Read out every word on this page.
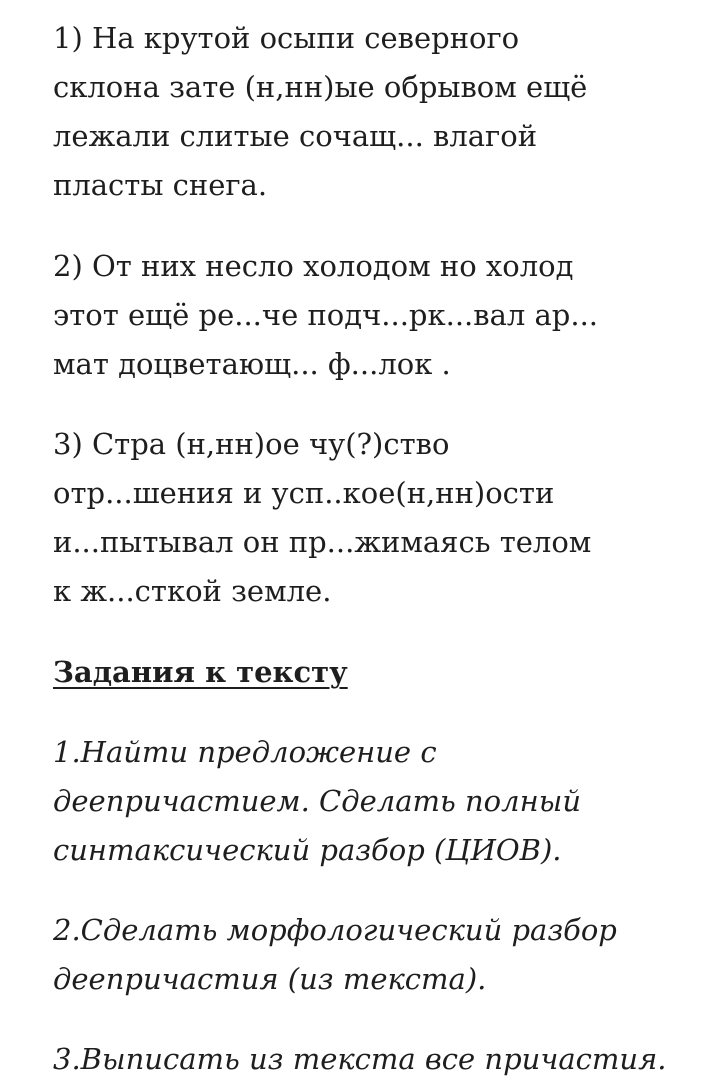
1) На крутой осыпи северного
склона зате (н,нн)ые обрывом ещё
лежали слитые сочащ... влагой
пласты снега.
2) От них несло холодом но холод
этот ещё ре...че подч...рк...вал ар...
мат доцветающ... ф...лок .
3) Стра (н,нн)ое чу(?)ство
отр...шения и усп..кое(н,нн)ости
и...пытывал он пр...жимаясь телом
к ж...сткой земле.
Задания к тексту
1.Найти предложение с
деепричастием. Сделать полный
синтаксический разбор (ЦИОВ).
2.Сделать морфологический разбор
деепричастия (из текста).
3.Выписать из текста все причастия.
